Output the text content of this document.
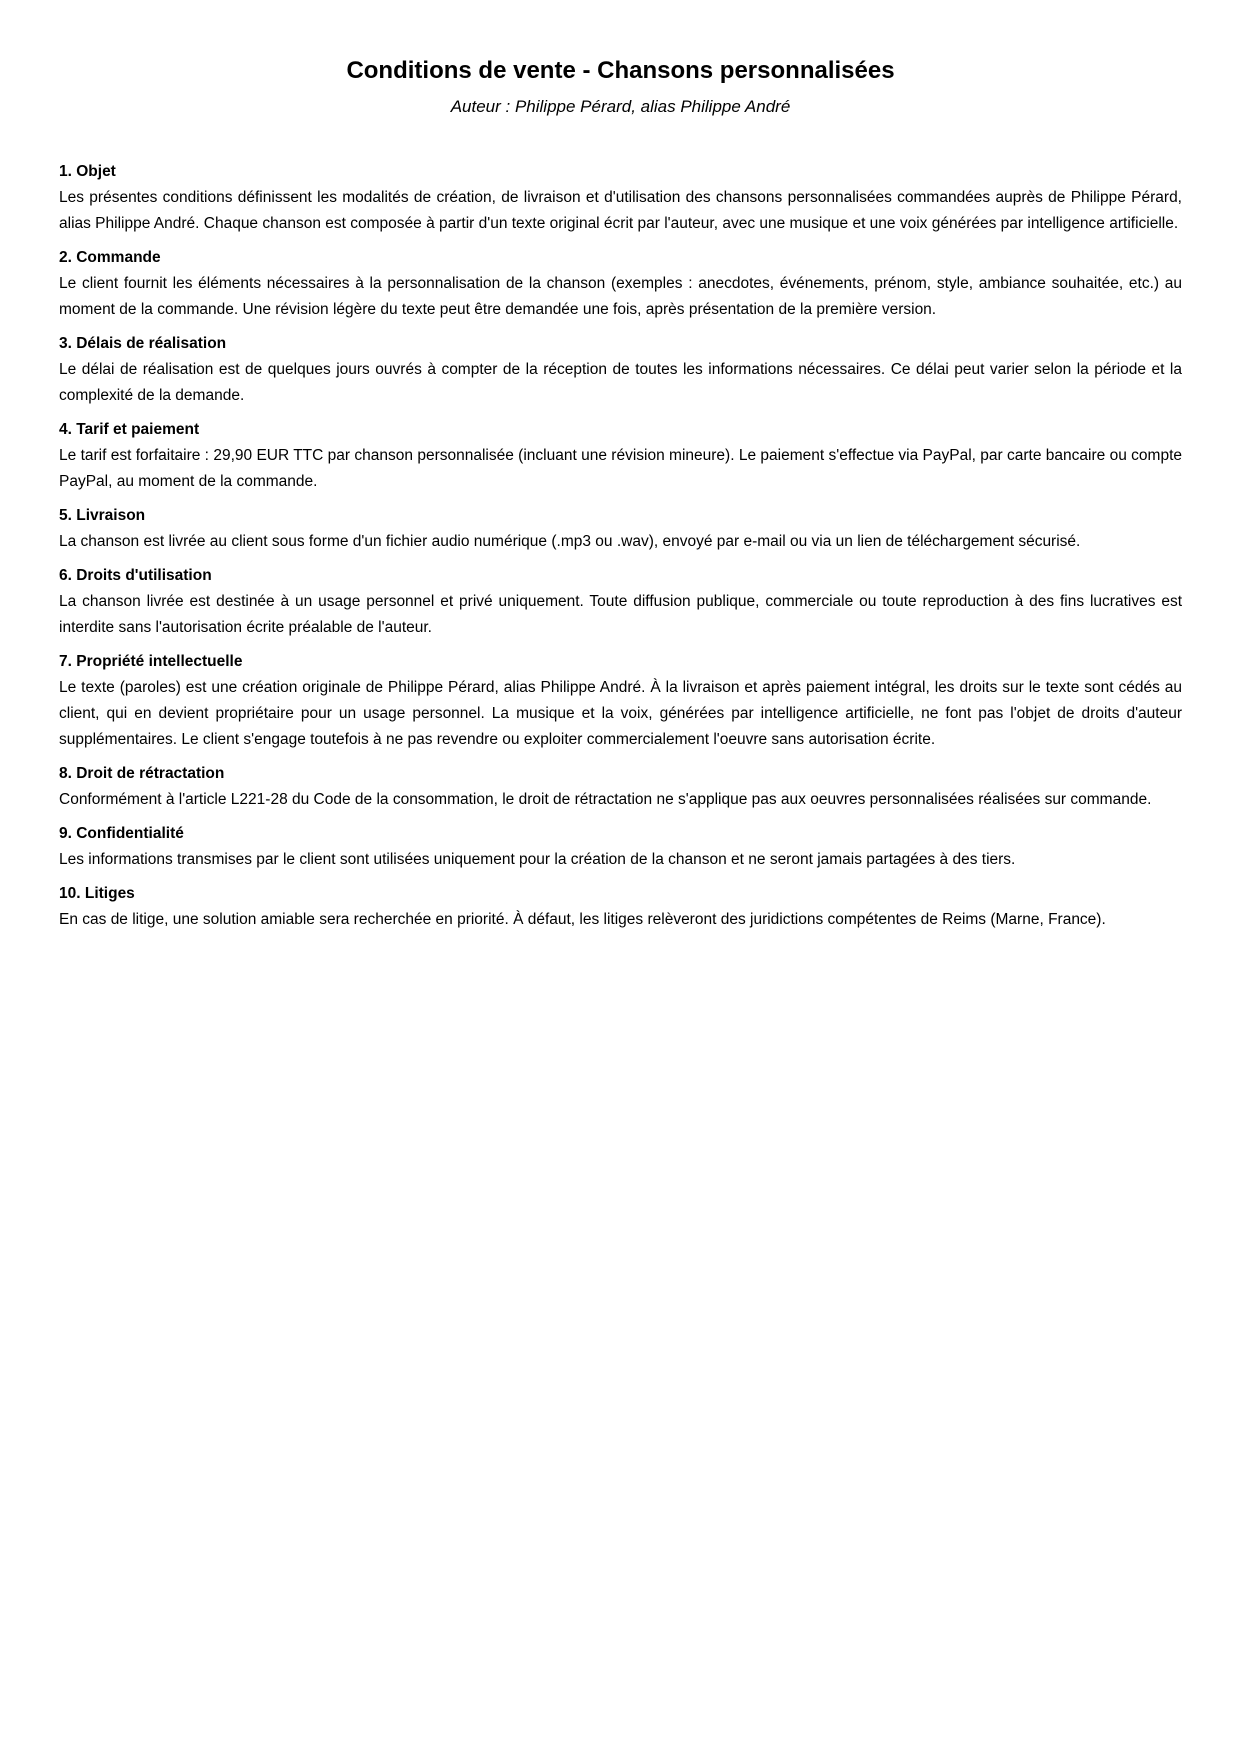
Conditions de vente - Chansons personnalisées
Auteur : Philippe Pérard, alias Philippe André
1. Objet

Les présentes conditions définissent les modalités de création, de livraison et d'utilisation des chansons personnalisées commandées auprès de Philippe Pérard, alias Philippe André. Chaque chanson est composée à partir d'un texte original écrit par l'auteur, avec une musique et une voix générées par intelligence artificielle.

2. Commande

Le client fournit les éléments nécessaires à la personnalisation de la chanson (exemples : anecdotes, événements, prénom, style, ambiance souhaitée, etc.) au moment de la commande. Une révision légère du texte peut être demandée une fois, après présentation de la première version.

3. Délais de réalisation

Le délai de réalisation est de quelques jours ouvrés à compter de la réception de toutes les informations nécessaires. Ce délai peut varier selon la période et la complexité de la demande.

4. Tarif et paiement

Le tarif est forfaitaire : 29,90 EUR TTC par chanson personnalisée (incluant une révision mineure). Le paiement s'effectue via PayPal, par carte bancaire ou compte PayPal, au moment de la commande.

5. Livraison

La chanson est livrée au client sous forme d'un fichier audio numérique (.mp3 ou .wav), envoyé par e-mail ou via un lien de téléchargement sécurisé.

6. Droits d'utilisation

La chanson livrée est destinée à un usage personnel et privé uniquement. Toute diffusion publique, commerciale ou toute reproduction à des fins lucratives est interdite sans l'autorisation écrite préalable de l'auteur.

7. Propriété intellectuelle

Le texte (paroles) est une création originale de Philippe Pérard, alias Philippe André. À la livraison et après paiement intégral, les droits sur le texte sont cédés au client, qui en devient propriétaire pour un usage personnel. La musique et la voix, générées par intelligence artificielle, ne font pas l'objet de droits d'auteur supplémentaires. Le client s'engage toutefois à ne pas revendre ou exploiter commercialement l'oeuvre sans autorisation écrite.

8. Droit de rétractation

Conformément à l'article L221-28 du Code de la consommation, le droit de rétractation ne s'applique pas aux oeuvres personnalisées réalisées sur commande.

9. Confidentialité

Les informations transmises par le client sont utilisées uniquement pour la création de la chanson et ne seront jamais partagées à des tiers.

10. Litiges

En cas de litige, une solution amiable sera recherchée en priorité. À défaut, les litiges relèveront des juridictions compétentes de Reims (Marne, France).
